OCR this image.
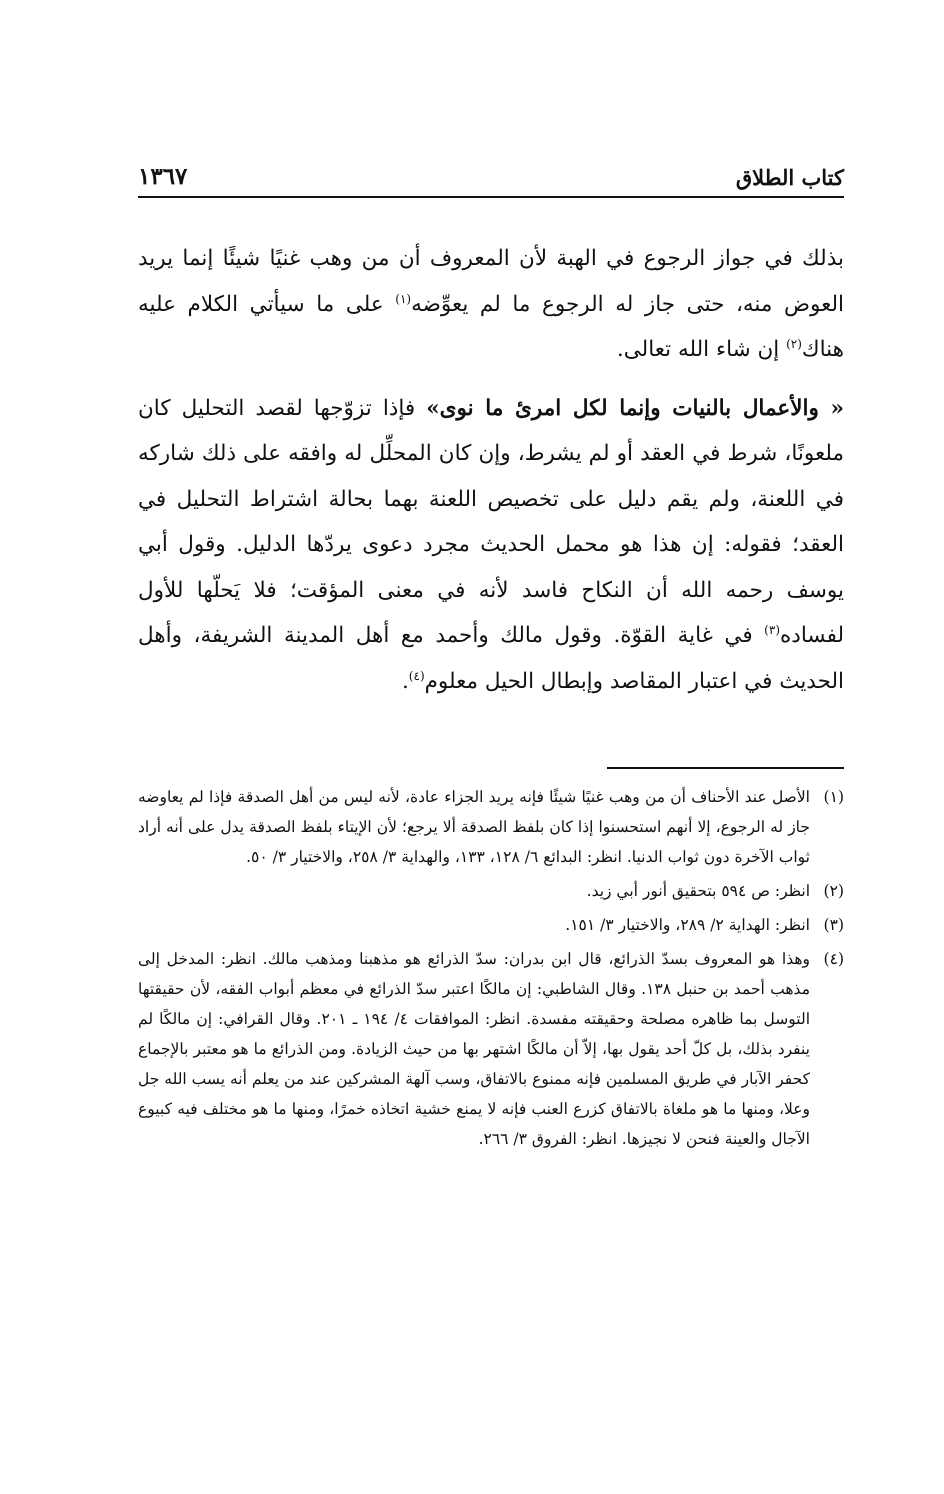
كتاب الطلاق
١٣٦٧

بذلك في جواز الرجوع في الهبة لأن المعروف أن من وهب غنيًا شيئًا إنما يريد العوض منه، حتى جاز له الرجوع ما لم يعوِّضه$^{(١)}$ على ما سيأتي الكلام عليه هناك$^{(٢)}$ إن شاء الله تعالى.

« والأعمال بالنيات وإنما لكل امرئ ما نوى» فإذا تزوّجها لقصد التحليل كان ملعونًا، شرط في العقد أو لم يشرط، وإن كان المحلِّل له وافقه على ذلك شاركه في اللعنة، ولم يقم دليل على تخصيص اللعنة بهما بحالة اشتراط التحليل في العقد؛ فقوله: إن هذا هو محمل الحديث مجرد دعوى يردّها الدليل. وقول أبي يوسف رحمه الله أن النكاح فاسد لأنه في معنى المؤقت؛ فلا يَحلّها للأول لفساده$^{(٣)}$ في غاية القوّة. وقول مالك وأحمد مع أهل المدينة الشريفة، وأهل الحديث في اعتبار المقاصد وإبطال الحيل معلوم$^{(٤)}$.

(١)
الأصل عند الأحناف أن من وهب غنيًا شيئًا فإنه يريد الجزاء عادة، لأنه ليس من أهل الصدقة فإذا لم يعاوضه جاز له الرجوع، إلا أنهم استحسنوا إذا كان بلفظ الصدقة ألا يرجع؛ لأن الإيتاء بلفظ الصدقة يدل على أنه أراد ثواب الآخرة دون ثواب الدنيا. انظر: البدائع ٦/ ١٢٨، ١٣٣، والهداية ٣/ ٢٥٨، والاختيار ٣/ ٥٠.
(٢)
انظر: ص ٥٩٤ بتحقيق أنور أبي زيد.
(٣)
انظر: الهداية ٢/ ٢٨٩، والاختيار ٣/ ١٥١.
(٤)
وهذا هو المعروف بسدّ الذرائع، قال ابن بدران: سدّ الذرائع هو مذهبنا ومذهب مالك. انظر: المدخل إلى مذهب أحمد بن حنبل ١٣٨. وقال الشاطبي: إن مالكًا اعتبر سدّ الذرائع في معظم أبواب الفقه، لأن حقيقتها التوسل بما ظاهره مصلحة وحقيقته مفسدة. انظر: الموافقات ٤/ ١٩٤ ـ ٢٠١. وقال القرافي: إن مالكًا لم ينفرد بذلك، بل كلّ أحد يقول بها، إلاّ أن مالكًا اشتهر بها من حيث الزيادة. ومن الذرائع ما هو معتبر بالإجماع كحفر الآبار في طريق المسلمين فإنه ممنوع بالاتفاق، وسب آلهة المشركين عند من يعلم أنه يسب الله جل وعلا، ومنها ما هو ملغاة بالاتفاق كزرع العنب فإنه لا يمنع خشية اتخاذه خمرًا، ومنها ما هو مختلف فيه كبيوع الآجال والعينة فنحن لا نجيزها. انظر: الفروق ٣/ ٢٦٦.
